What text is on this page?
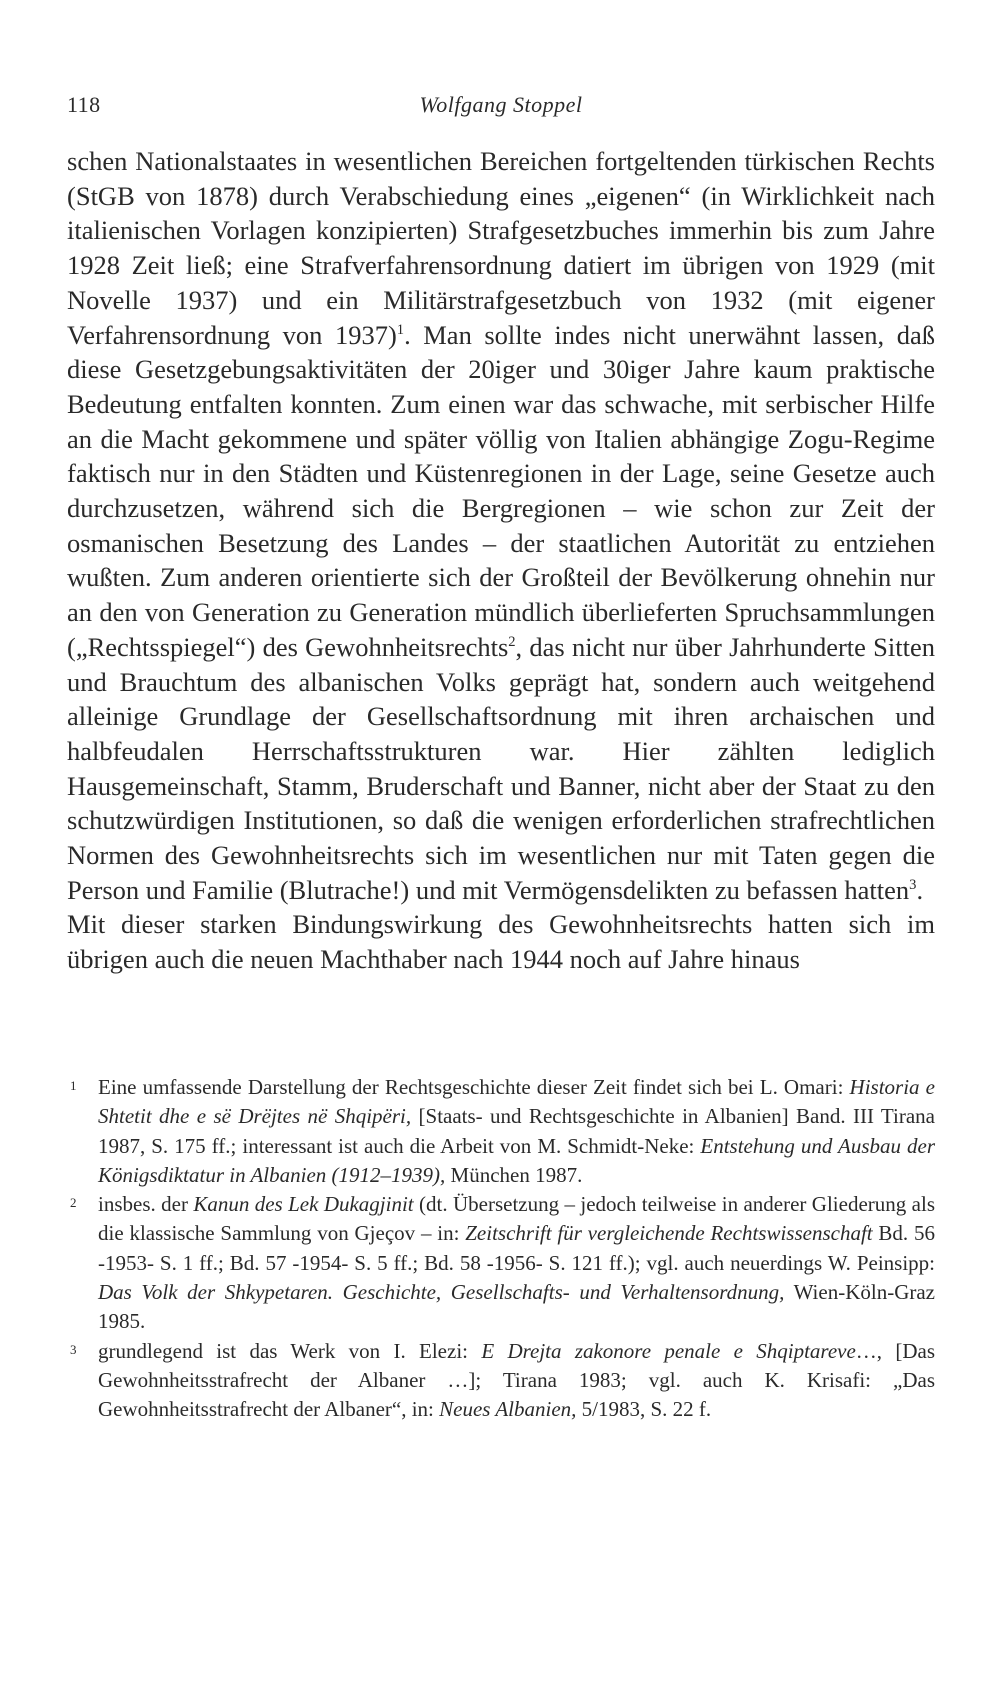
118	Wolfgang Stoppel

schen Nationalstaates in wesentlichen Bereichen fortgeltenden türkischen Rechts (StGB von 1878) durch Verabschiedung eines „eigenen“ (in Wirklichkeit nach italienischen Vorlagen konzipierten) Strafgesetzbuches immerhin bis zum Jahre 1928 Zeit ließ; eine Strafverfahrensordnung datiert im übrigen von 1929 (mit Novelle 1937) und ein Militärstrafgesetzbuch von 1932 (mit eigener Verfahrensordnung von 1937)$^1$. Man sollte indes nicht unerwähnt lassen, daß diese Gesetzgebungsaktivitäten der 20iger und 30iger Jahre kaum praktische Bedeutung entfalten konnten. Zum einen war das schwache, mit serbischer Hilfe an die Macht gekommene und später völlig von Italien abhängige Zogu-Regime faktisch nur in den Städten und Küstenregionen in der Lage, seine Gesetze auch durchzusetzen, während sich die Bergregionen – wie schon zur Zeit der osmanischen Besetzung des Landes – der staatlichen Autorität zu entziehen wußten. Zum anderen orientierte sich der Großteil der Bevölkerung ohnehin nur an den von Generation zu Generation mündlich überlieferten Spruchsammlungen („Rechtsspiegel“) des Gewohnheitsrechts$^2$, das nicht nur über Jahrhunderte Sitten und Brauchtum des albanischen Volks geprägt hat, sondern auch weitgehend alleinige Grundlage der Gesellschaftsordnung mit ihren archaischen und halbfeudalen Herrschaftsstrukturen war. Hier zählten lediglich Hausgemeinschaft, Stamm, Bruderschaft und Banner, nicht aber der Staat zu den schutzwürdigen Institutionen, so daß die wenigen erforderlichen strafrechtlichen Normen des Gewohnheitsrechts sich im wesentlichen nur mit Taten gegen die Person und Familie (Blutrache!) und mit Vermögensdelikten zu befassen hatten$^3$.

Mit dieser starken Bindungswirkung des Gewohnheitsrechts hatten sich im übrigen auch die neuen Machthaber nach 1944 noch auf Jahre hinaus

1 Eine umfassende Darstellung der Rechtsgeschichte dieser Zeit findet sich bei L. Omari: Historia e Shtetit dhe e së Drëjtes në Shqipëri, [Staats- und Rechtsgeschichte in Albanien] Band. III Tirana 1987, S. 175 ff.; interessant ist auch die Arbeit von M. Schmidt-Neke: Entstehung und Ausbau der Königsdiktatur in Albanien (1912–1939), München 1987.

2 insbes. der Kanun des Lek Dukagjinit (dt. Übersetzung – jedoch teilweise in anderer Gliederung als die klassische Sammlung von Gjeçov – in: Zeitschrift für vergleichende Rechtswissenschaft Bd. 56 -1953- S. 1 ff.; Bd. 57 -1954- S. 5 ff.; Bd. 58 -1956- S. 121 ff.); vgl. auch neuerdings W. Peinsipp: Das Volk der Shkypetaren. Geschichte, Gesellschafts- und Verhaltensordnung, Wien-Köln-Graz 1985.

3 grundlegend ist das Werk von I. Elezi: E Drejta zakonore penale e Shqiptareve…, [Das Gewohnheitsstrafrecht der Albaner …]; Tirana 1983; vgl. auch K. Krisafi: „Das Gewohnheitsstrafrecht der Albaner“, in: Neues Albanien, 5/1983, S. 22 f.
